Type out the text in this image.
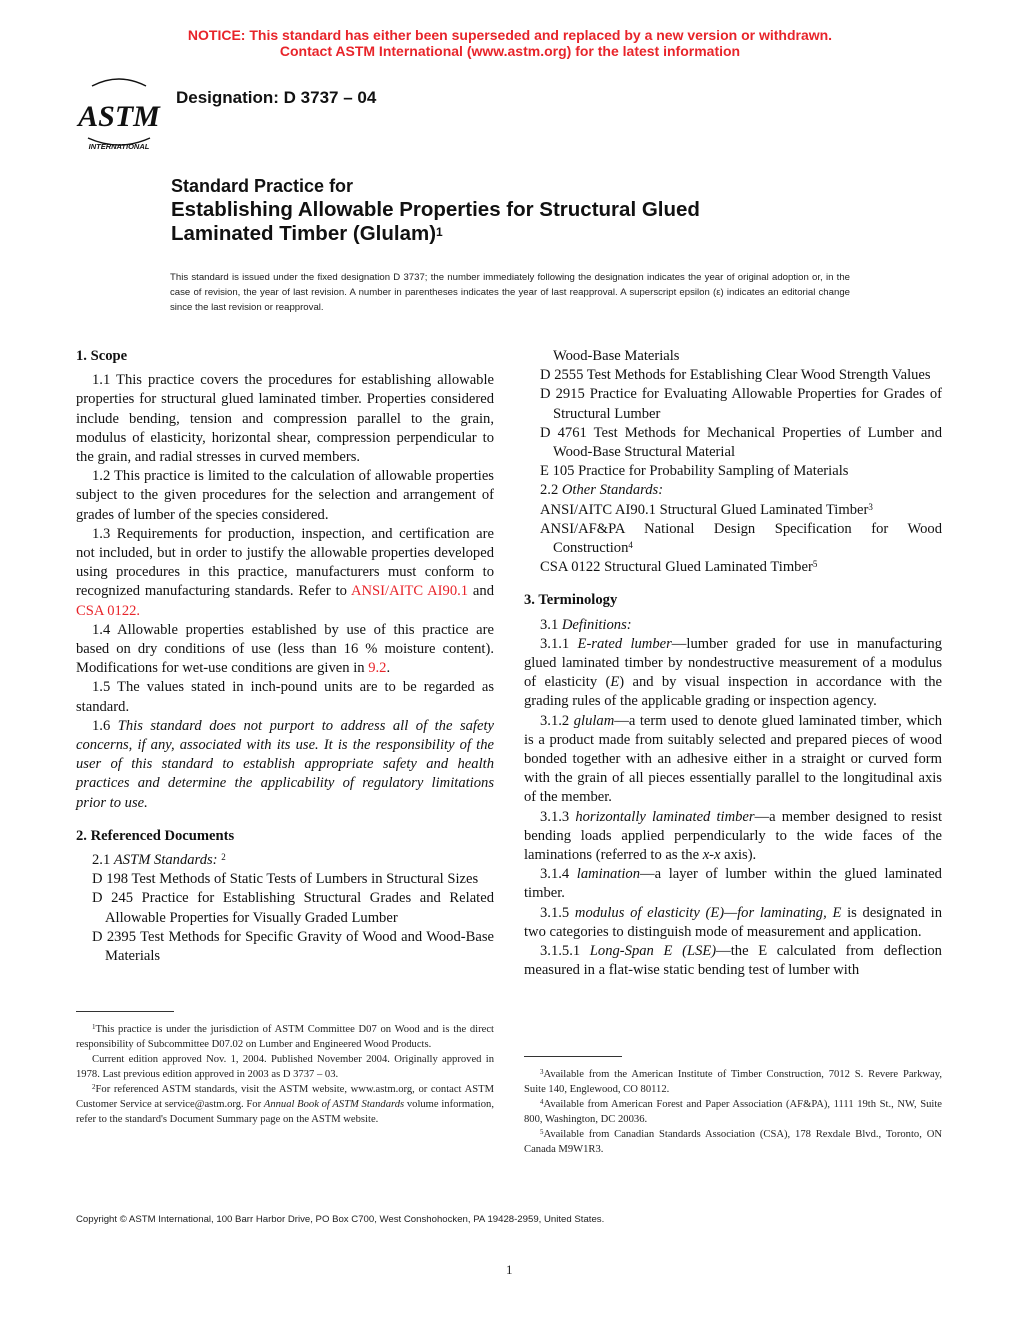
NOTICE: This standard has either been superseded and replaced by a new version or withdrawn.
Contact ASTM International (www.astm.org) for the latest information
ASTM
INTERNATIONAL
Designation: D 3737 – 04
Standard Practice for
Establishing Allowable Properties for Structural Glued
Laminated Timber (Glulam)$^1$
This standard is issued under the fixed designation D 3737; the number immediately following the designation indicates the year of original adoption or, in the case of revision, the year of last revision. A number in parentheses indicates the year of last reapproval. A superscript epsilon (ε) indicates an editorial change since the last revision or reapproval.
1. Scope
1.1 This practice covers the procedures for establishing allowable properties for structural glued laminated timber. Properties considered include bending, tension and compression parallel to the grain, modulus of elasticity, horizontal shear, compression perpendicular to the grain, and radial stresses in curved members.
1.2 This practice is limited to the calculation of allowable properties subject to the given procedures for the selection and arrangement of grades of lumber of the species considered.
1.3 Requirements for production, inspection, and certification are not included, but in order to justify the allowable properties developed using procedures in this practice, manufacturers must conform to recognized manufacturing standards. Refer to ANSI/AITC AI90.1 and CSA 0122.
1.4 Allowable properties established by use of this practice are based on dry conditions of use (less than 16 % moisture content). Modifications for wet-use conditions are given in 9.2.
1.5 The values stated in inch-pound units are to be regarded as standard.
1.6 This standard does not purport to address all of the safety concerns, if any, associated with its use. It is the responsibility of the user of this standard to establish appropriate safety and health practices and determine the applicability of regulatory limitations prior to use.
2. Referenced Documents
2.1 ASTM Standards: $^2$
D 198 Test Methods of Static Tests of Lumbers in Structural Sizes
D 245 Practice for Establishing Structural Grades and Related Allowable Properties for Visually Graded Lumber
D 2395 Test Methods for Specific Gravity of Wood and Wood-Base Materials
Wood-Base Materials
D 2555 Test Methods for Establishing Clear Wood Strength Values
D 2915 Practice for Evaluating Allowable Properties for Grades of Structural Lumber
D 4761 Test Methods for Mechanical Properties of Lumber and Wood-Base Structural Material
E 105 Practice for Probability Sampling of Materials
2.2 Other Standards:
ANSI/AITC AI90.1 Structural Glued Laminated Timber$^3$
ANSI/AF&PA National Design Specification for Wood Construction$^4$
CSA 0122 Structural Glued Laminated Timber$^5$
3. Terminology
3.1 Definitions:
3.1.1 E-rated lumber—lumber graded for use in manufacturing glued laminated timber by nondestructive measurement of a modulus of elasticity (E) and by visual inspection in accordance with the grading rules of the applicable grading or inspection agency.
3.1.2 glulam—a term used to denote glued laminated timber, which is a product made from suitably selected and prepared pieces of wood bonded together with an adhesive either in a straight or curved form with the grain of all pieces essentially parallel to the longitudinal axis of the member.
3.1.3 horizontally laminated timber—a member designed to resist bending loads applied perpendicularly to the wide faces of the laminations (referred to as the x-x axis).
3.1.4 lamination—a layer of lumber within the glued laminated timber.
3.1.5 modulus of elasticity (E)—for laminating, E is designated in two categories to distinguish mode of measurement and application.
3.1.5.1 Long-Span E (LSE)—the E calculated from deflection measured in a flat-wise static bending test of lumber with
$^1$This practice is under the jurisdiction of ASTM Committee D07 on Wood and is the direct responsibility of Subcommittee D07.02 on Lumber and Engineered Wood Products.
Current edition approved Nov. 1, 2004. Published November 2004. Originally approved in 1978. Last previous edition approved in 2003 as D 3737 – 03.
$^2$For referenced ASTM standards, visit the ASTM website, www.astm.org, or contact ASTM Customer Service at service@astm.org. For Annual Book of ASTM Standards volume information, refer to the standard's Document Summary page on the ASTM website.
$^3$Available from the American Institute of Timber Construction, 7012 S. Revere Parkway, Suite 140, Englewood, CO 80112.
$^4$Available from American Forest and Paper Association (AF&PA), 1111 19th St., NW, Suite 800, Washington, DC 20036.
$^5$Available from Canadian Standards Association (CSA), 178 Rexdale Blvd., Toronto, ON Canada M9W1R3.
Copyright © ASTM International, 100 Barr Harbor Drive, PO Box C700, West Conshohocken, PA 19428-2959, United States.
1
